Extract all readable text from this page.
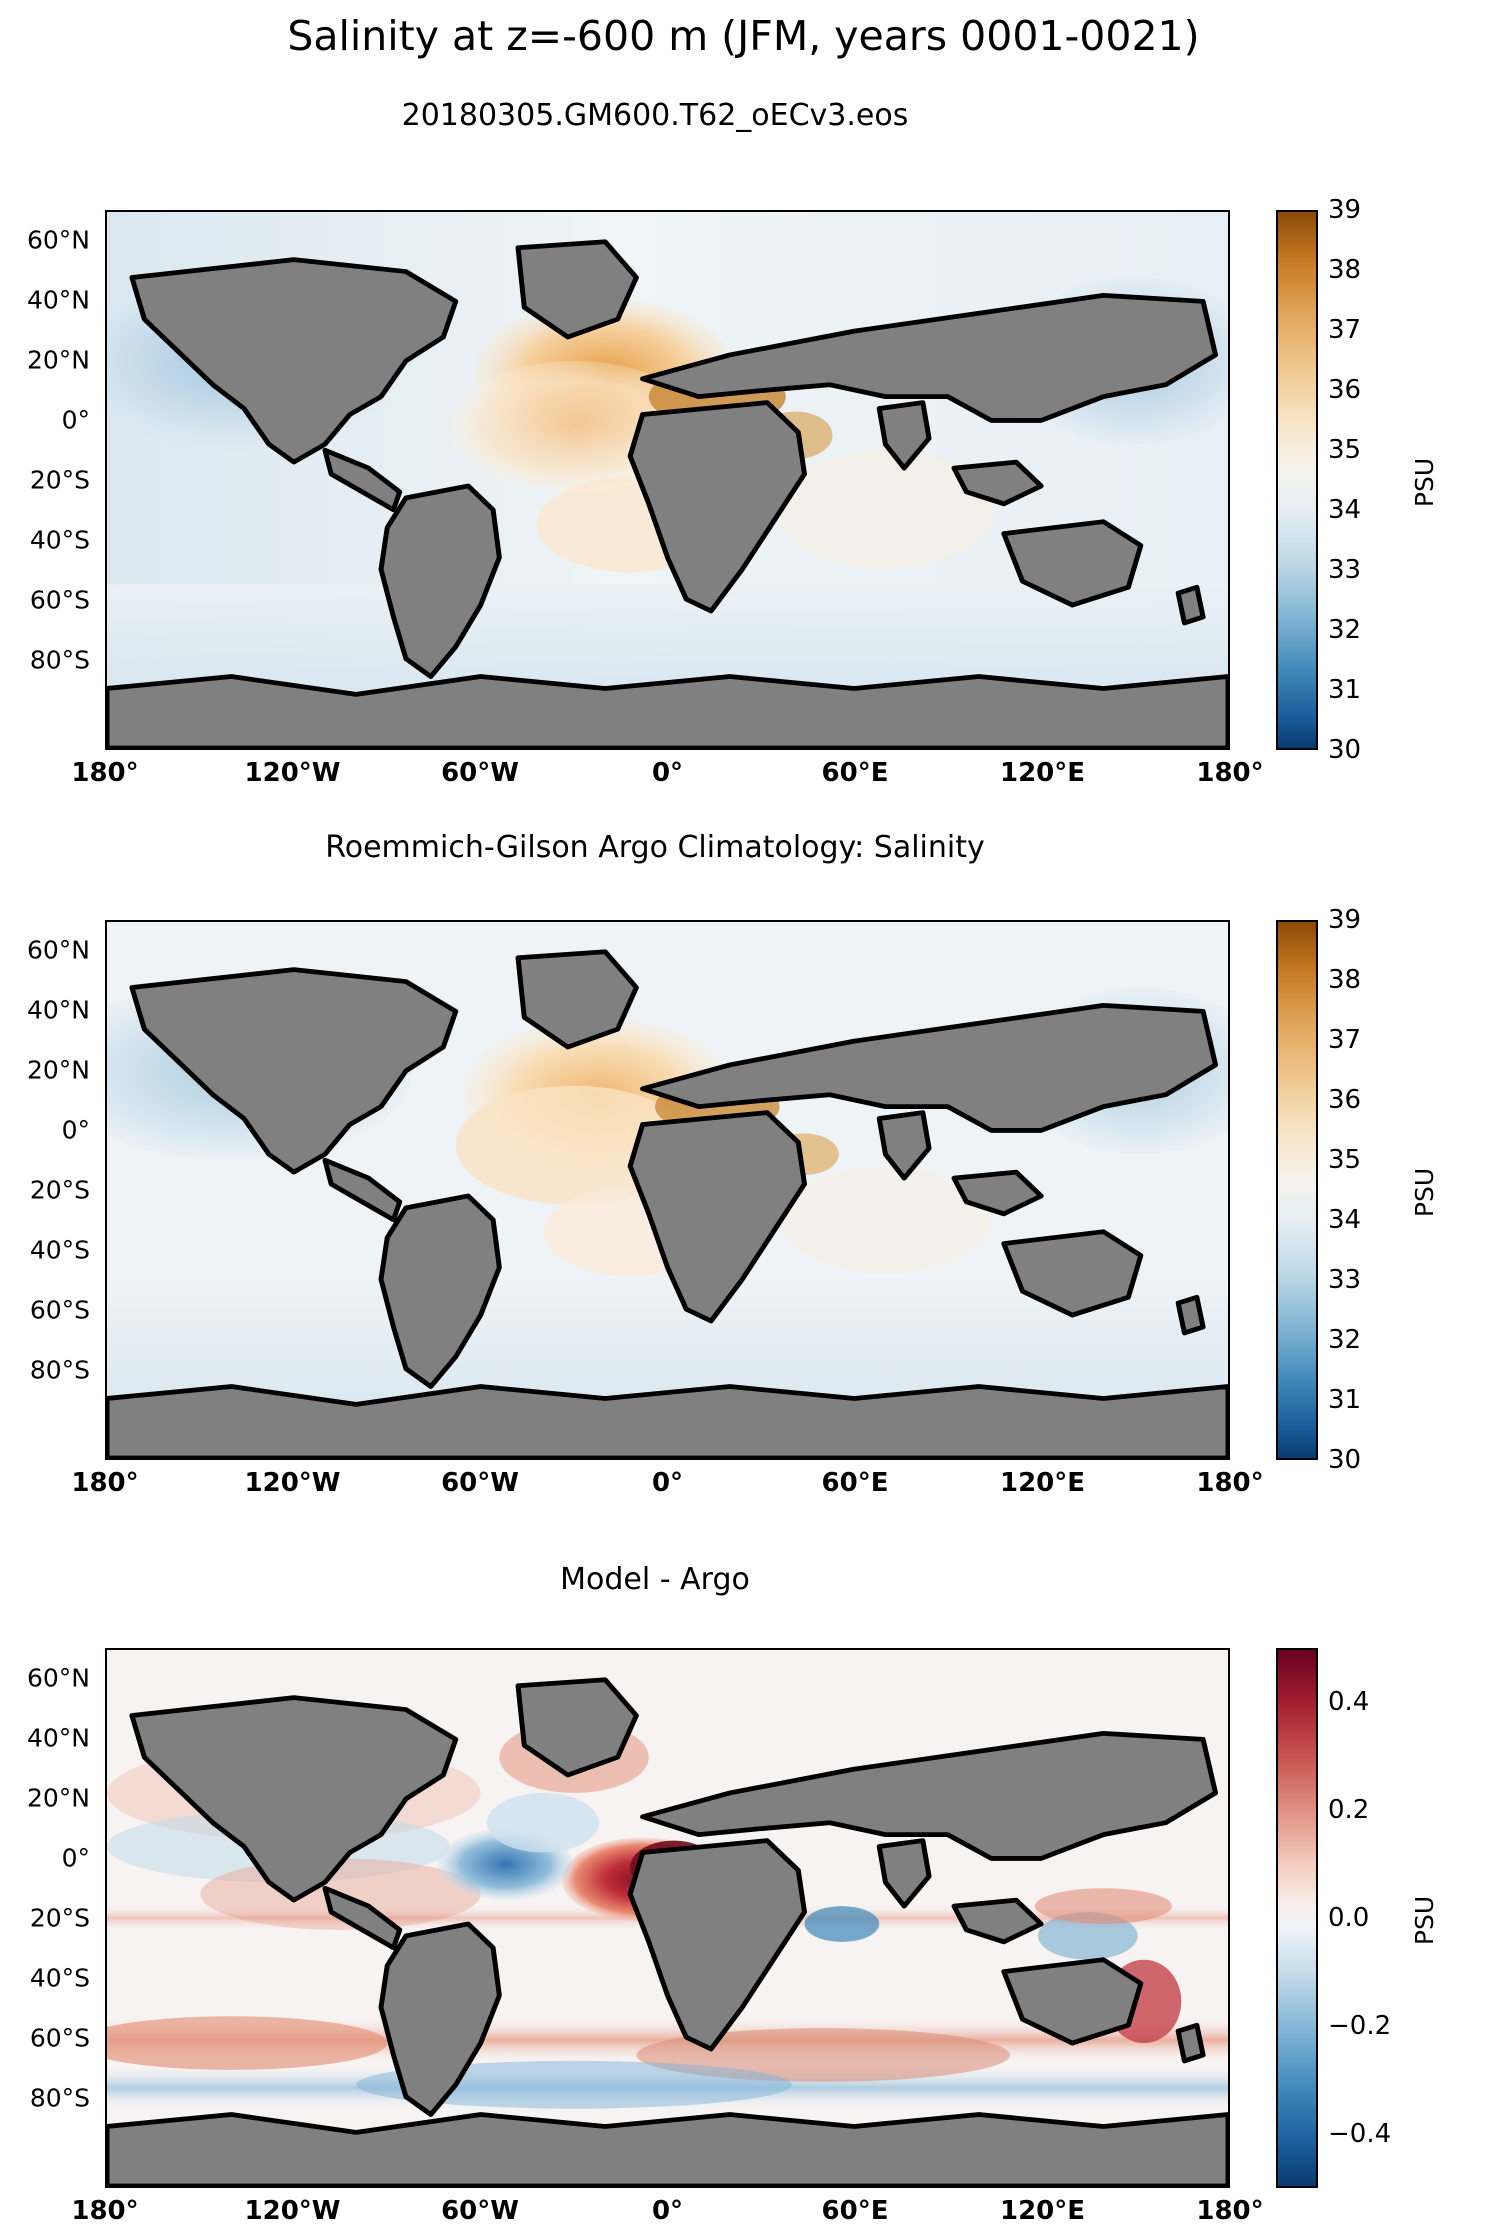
Salinity at z=-600 m (JFM, years 0001-0021)
20180305.GM600.T62_oECv3.eos
60°N
40°N
20°N
0°
20°S
40°S
60°S
80°S
180°	120°W	60°W	0°	60°E	120°E	180°
30
31
32
33
34
35
36
37
38
39
PSU
Roemmich-Gilson Argo Climatology: Salinity
60°N
40°N
20°N
0°
20°S
40°S
60°S
80°S
180°	120°W	60°W	0°	60°E	120°E	180°
30
31
32
33
34
35
36
37
38
39
PSU
Model - Argo
60°N
40°N
20°N
0°
20°S
40°S
60°S
80°S
180°	120°W	60°W	0°	60°E	120°E	180°
−0.4
−0.2
0.0
0.2
0.4
PSU
